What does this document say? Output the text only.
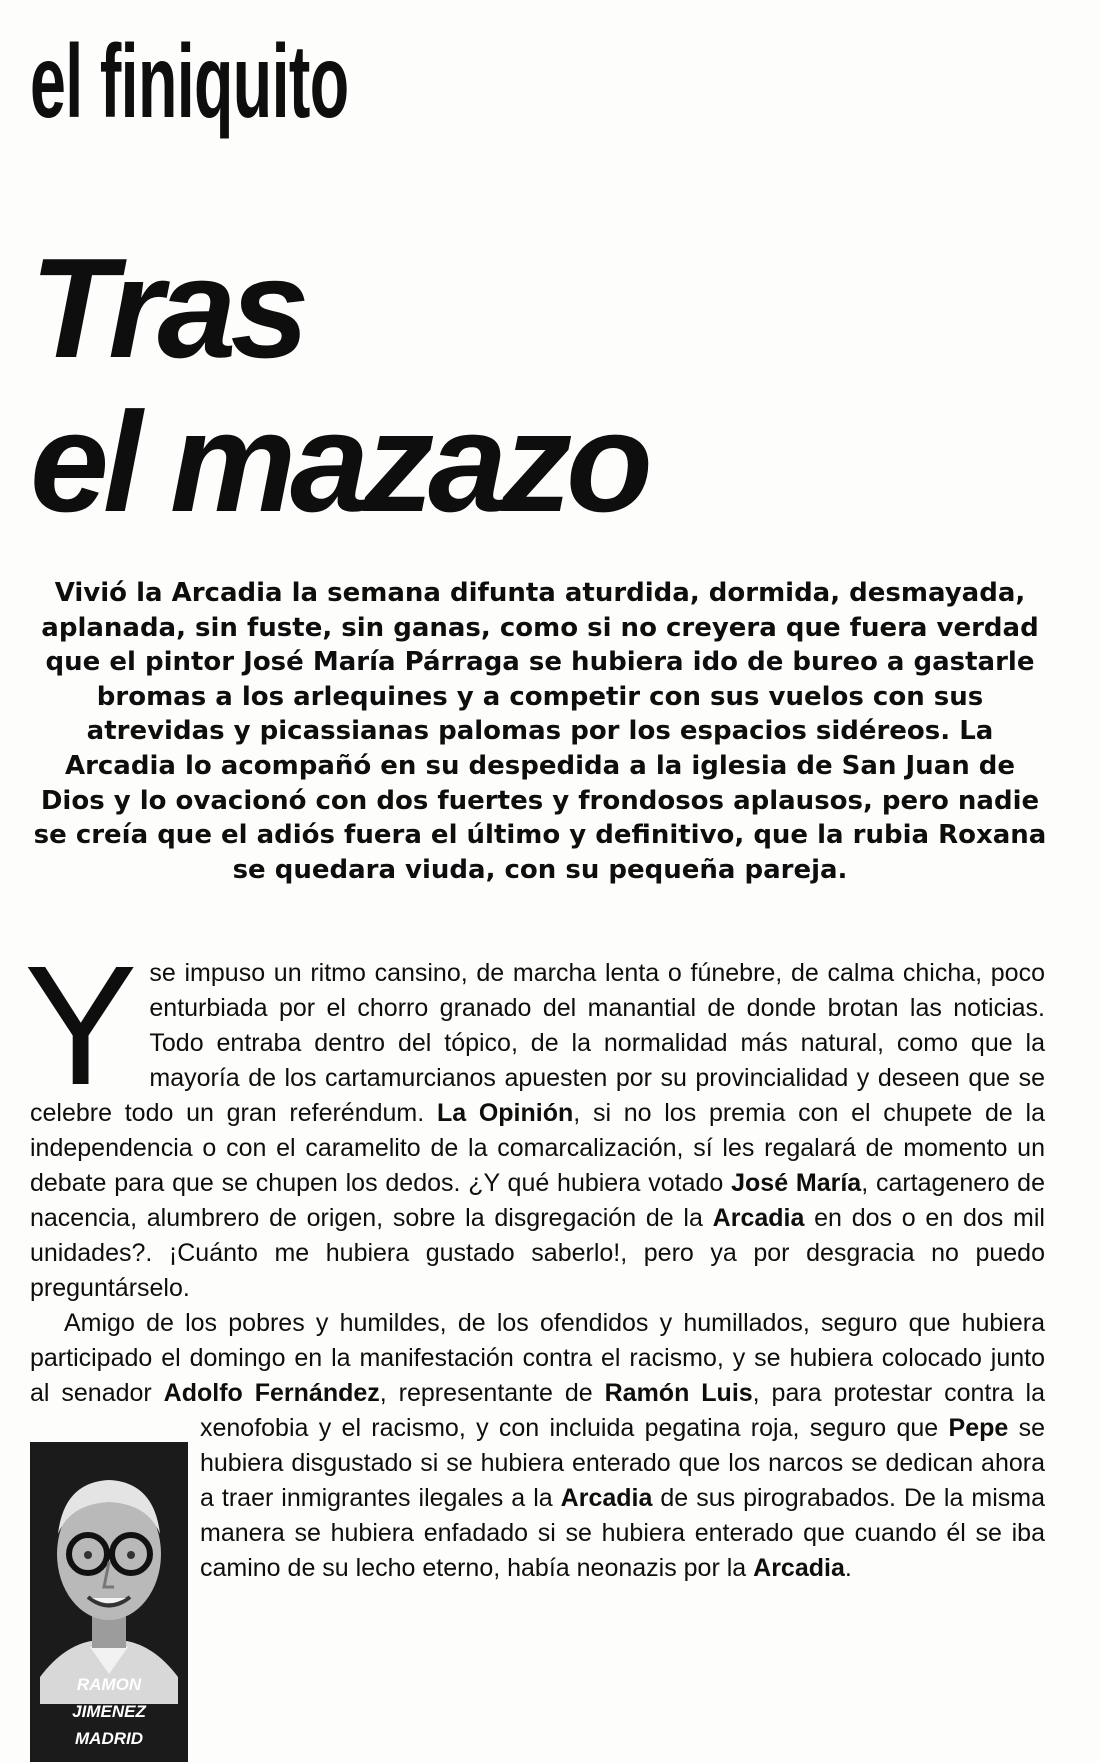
el finiquito
Tras
el mazazo

Vivió la Arcadia la semana difunta aturdida, dormida, desmayada, aplanada, sin fuste, sin ganas, como si no creyera que fuera verdad que el pintor José María Párraga se hubiera ido de bureo a gastarle bromas a los arlequines y a competir con sus vuelos con sus atrevidas y picassianas palomas por los espacios sidéreos. La Arcadia lo acompañó en su despedida a la iglesia de San Juan de Dios y lo ovacionó con dos fuertes y frondosos aplausos, pero nadie se creía que el adiós fuera el último y definitivo, que la rubia Roxana se quedara viuda, con su pequeña pareja.

Y
RAMON
JIMENEZ
MADRID

se impuso un ritmo cansino, de marcha lenta o fúnebre, de calma chicha, poco enturbiada por el chorro granado del manantial de donde brotan las noticias. Todo entraba dentro del tópico, de la normalidad más natural, como que la mayoría de los cartamurcianos apuesten por su provincialidad y deseen que se celebre todo un gran referéndum. La Opinión, si no los premia con el chupete de la independencia o con el caramelito de la comarcalización, sí les regalará de momento un debate para que se chupen los dedos. ¿Y qué hubiera votado José María, cartagenero de nacencia, alumbrero de origen, sobre la disgregación de la Arcadia en dos o en dos mil unidades?. ¡Cuánto me hubiera gustado saberlo!, pero ya por desgracia no puedo preguntárselo.

Amigo de los pobres y humildes, de los ofendidos y humillados, seguro que hubiera participado el domingo en la manifestación contra el racismo, y se hubiera colocado junto al senador Adolfo Fernández, representante de Ramón Luis, para protestar contra la xenofobia y el racismo, y con incluida pegatina roja, seguro que Pepe se hubiera disgustado si se hubiera enterado que los narcos se dedican ahora a traer inmigrantes ilegales a la Arcadia de sus pirograbados. De la misma manera se hubiera enfadado si se hubiera enterado que cuando él se iba camino de su lecho eterno, había neonazis por la Arcadia.
